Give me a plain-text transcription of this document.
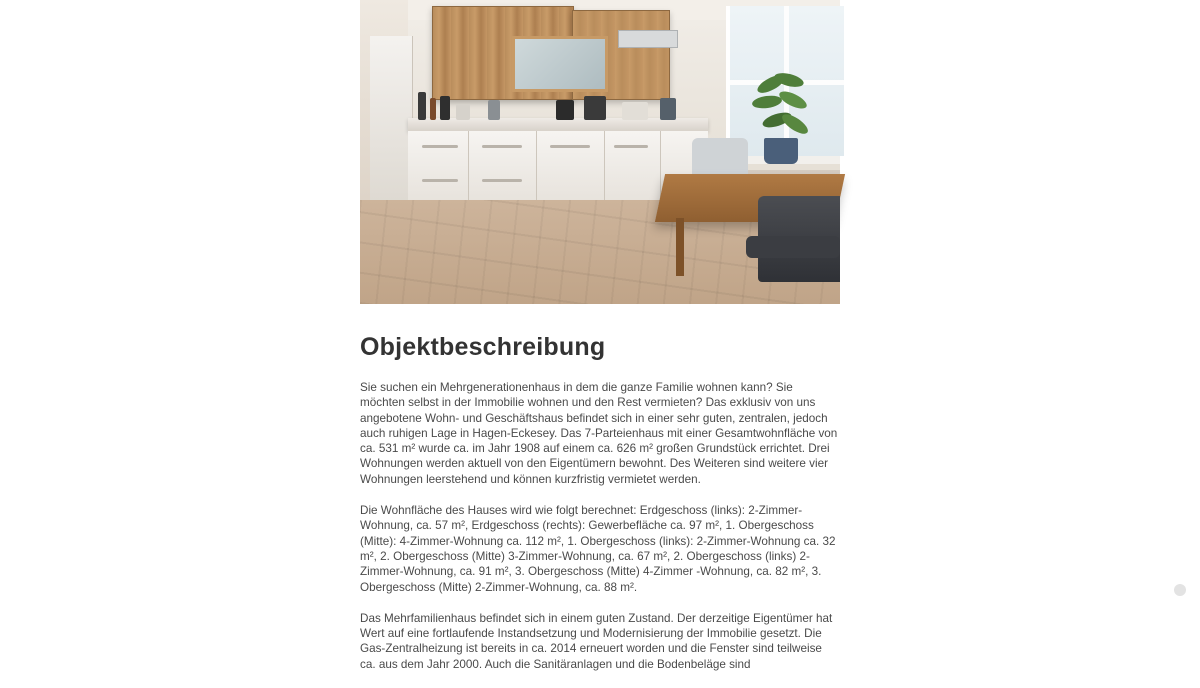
Objektbeschreibung

Sie suchen ein Mehrgenerationenhaus in dem die ganze Familie wohnen kann? Sie möchten selbst in der Immobilie wohnen und den Rest vermieten? Das exklusiv von uns angebotene Wohn- und Geschäftshaus befindet sich in einer sehr guten, zentralen, jedoch auch ruhigen Lage in Hagen-Eckesey. Das 7-Parteienhaus mit einer Gesamtwohnfläche von ca. 531 m² wurde ca. im Jahr 1908 auf einem ca. 626 m² großen Grundstück errichtet. Drei Wohnungen werden aktuell von den Eigentümern bewohnt. Des Weiteren sind weitere vier Wohnungen leerstehend und können kurzfristig vermietet werden.

Die Wohnfläche des Hauses wird wie folgt berechnet: Erdgeschoss (links): 2-Zimmer-Wohnung, ca. 57 m², Erdgeschoss (rechts): Gewerbefläche ca. 97 m², 1. Obergeschoss (Mitte): 4-Zimmer-Wohnung ca. 112 m², 1. Obergeschoss (links): 2-Zimmer-Wohnung ca. 32 m², 2. Obergeschoss (Mitte) 3-Zimmer-Wohnung, ca. 67 m², 2. Obergeschoss (links) 2-Zimmer-Wohnung, ca. 91 m², 3. Obergeschoss (Mitte) 4-Zimmer -Wohnung, ca. 82 m², 3. Obergeschoss (Mitte) 2-Zimmer-Wohnung, ca. 88 m².

Das Mehrfamilienhaus befindet sich in einem guten Zustand. Der derzeitige Eigentümer hat Wert auf eine fortlaufende Instandsetzung und Modernisierung der Immobilie gesetzt. Die Gas-Zentralheizung ist bereits in ca. 2014 erneuert worden und die Fenster sind teilweise ca. aus dem Jahr 2000. Auch die Sanitäranlagen und die Bodenbeläge sind
